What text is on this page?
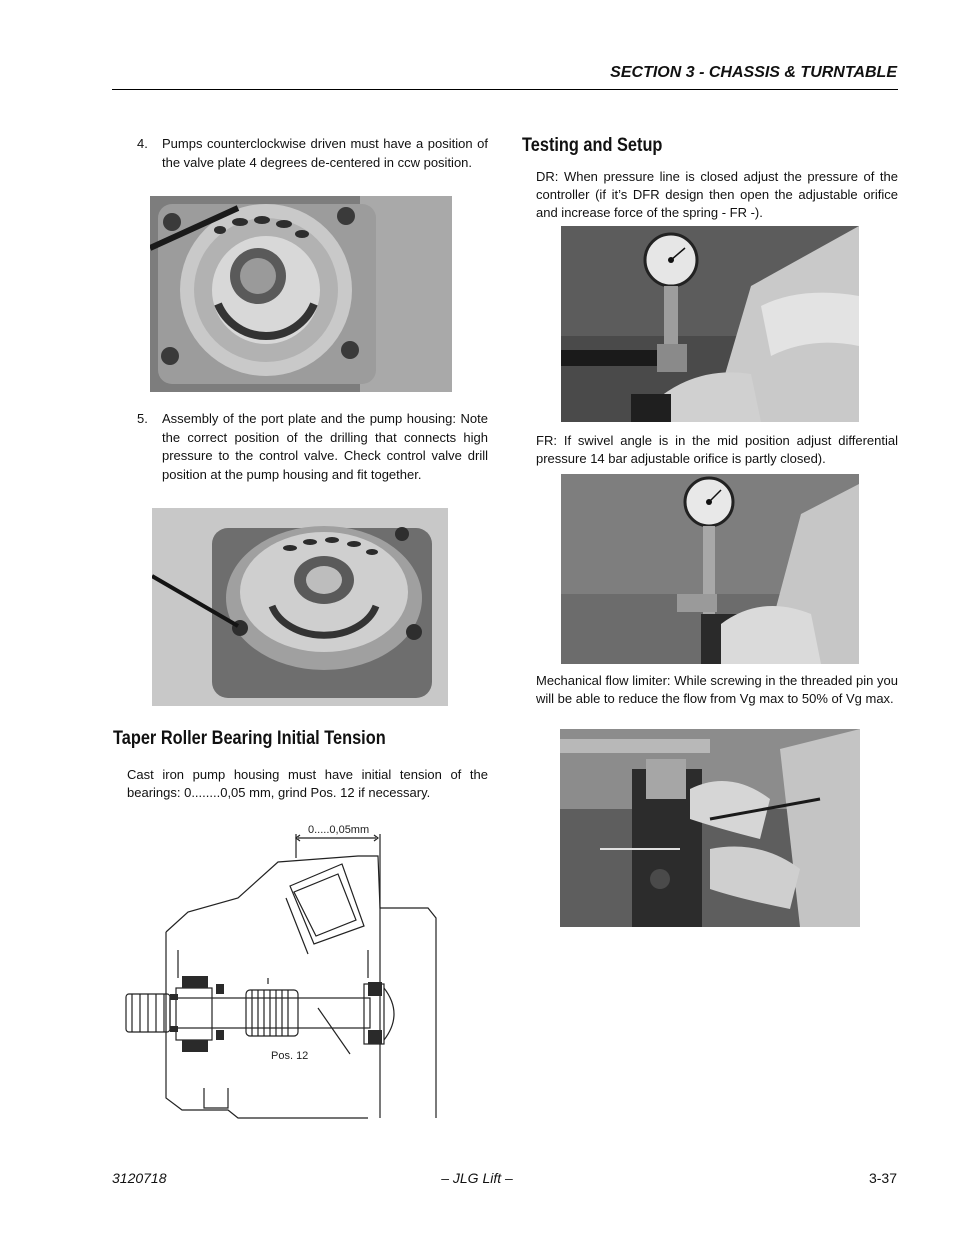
SECTION 3 - CHASSIS & TURNTABLE
4. Pumps counterclockwise driven must have a position of the valve plate 4 degrees de-centered in ccw position.
5. Assembly of the port plate and the pump housing: Note the correct position of the drilling that connects high pressure to the control valve. Check control valve drill position at the pump housing and fit together.
Taper Roller Bearing Initial Tension
Cast iron pump housing must have initial tension of the bearings: 0........0,05 mm, grind Pos. 12 if necessary.
0.....0,05mm
Pos. 12
Testing and Setup
DR: When pressure line is closed adjust the pressure of the controller (if it’s DFR design then open the adjustable orifice and increase force of the spring - FR -).
FR: If swivel angle is in the mid position adjust differential pressure 14 bar adjustable orifice is partly closed).
Mechanical flow limiter: While screwing in the threaded pin you will be able to reduce the flow from Vg max to 50% of Vg max.
3120718	– JLG Lift –	3-37
